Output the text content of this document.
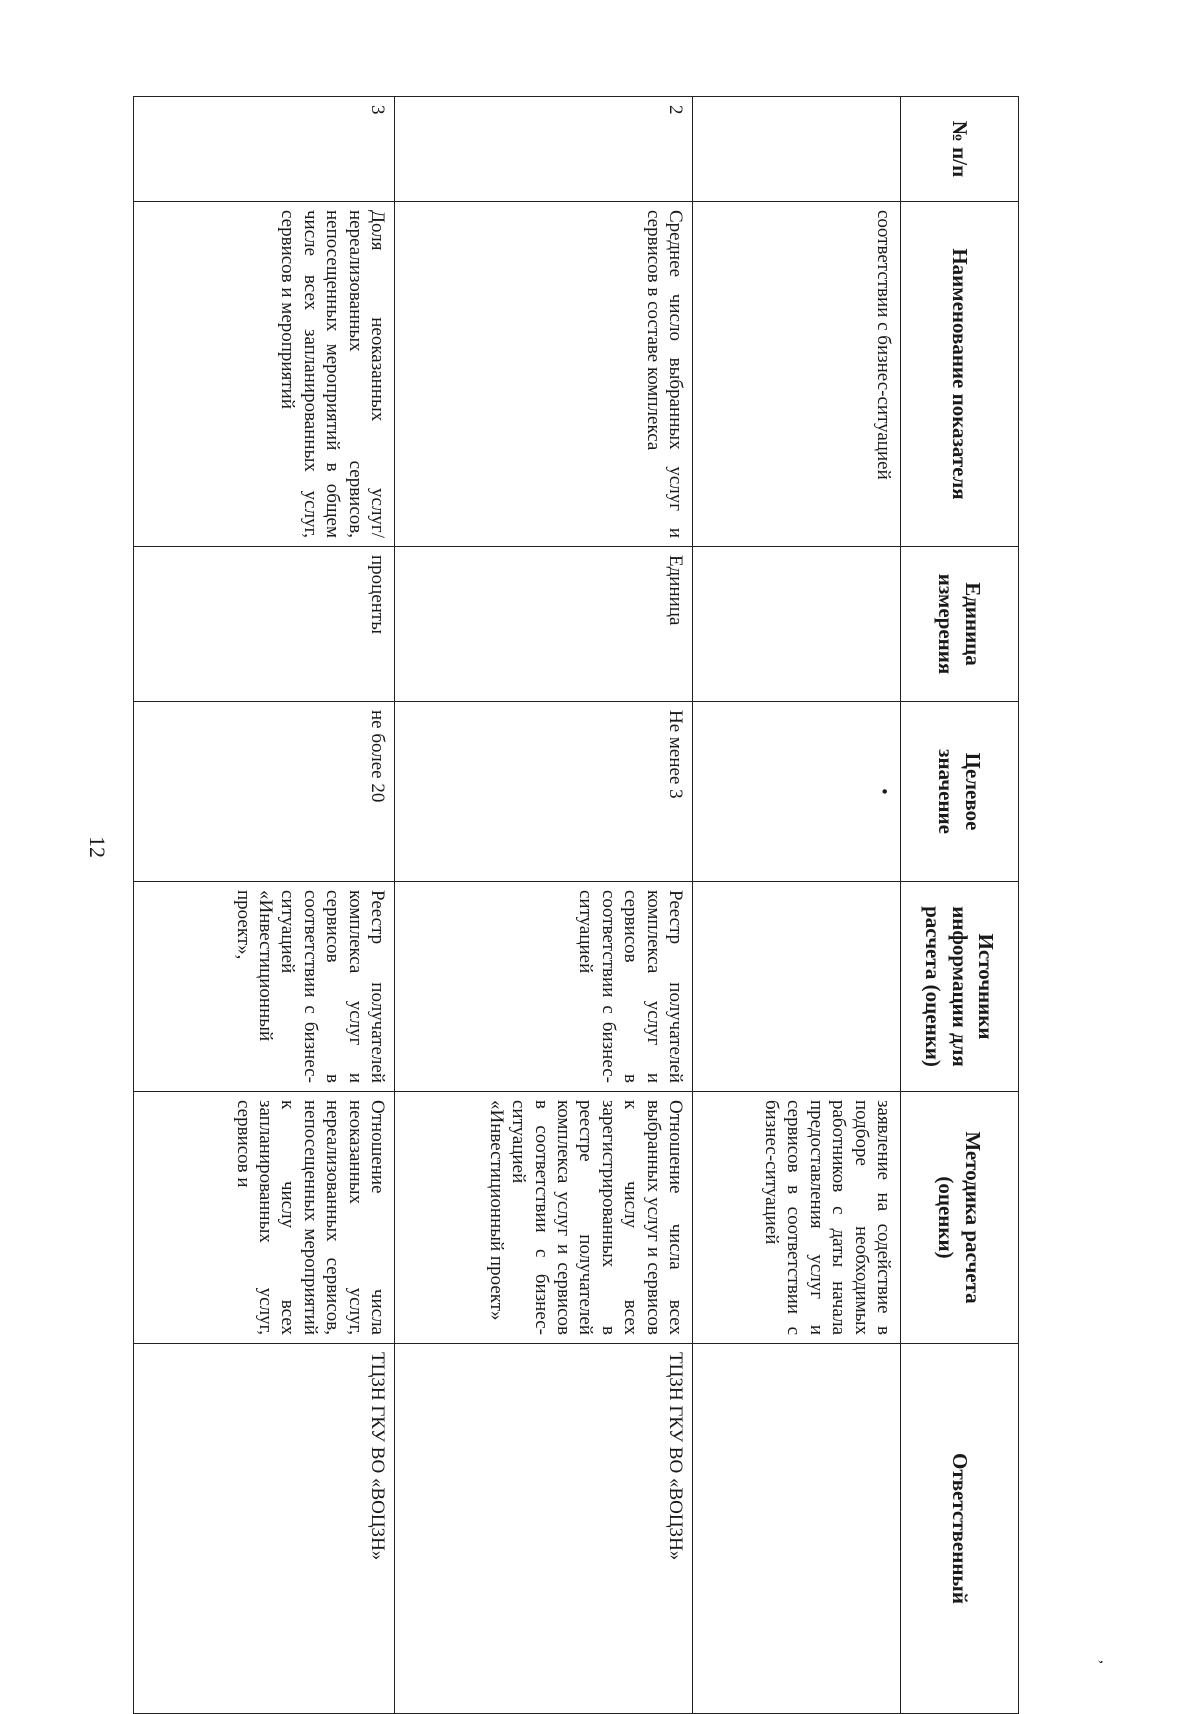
12
№ п/п	Наименование показателя	Единица измерения	Целевое значение	Источники информации для расчета (оценки)	Методика расчета (оценки)	Ответственный
	соответствии с бизнес-ситуацией		•		заявление на содействие в подборе необходимых работников с даты начала предоставления услуг и сервисов в соответствии с бизнес-ситуацией	
2	Среднее число выбранных услуг и сервисов в составе комплекса	Единица	Не менее 3	Реестр получателей комплекса услуг и сервисов в соответствии с бизнес-ситуацией	Отношение числа всех выбранных услуг и сервисов к числу всех зарегистрированных в реестре получателей комплекса услуг и сервисов в соответствии с бизнес-ситуацией «Инвестиционный проект»	ТЦЗН ГКУ ВО «ВОЦЗН»
3	Доля неоказанных услуг/нереализованных сервисов, непосещенных мероприятий в общем числе всех запланированных услуг, сервисов и мероприятий	проценты	не более 20	Реестр получателей комплекса услуг и сервисов в соответствии с бизнес-ситуацией «Инвестиционный проект»,	Отношение числа неоказанных услуг, нереализованных сервисов, непосещенных мероприятий к числу всех запланированных услуг, сервисов и	ТЦЗН ГКУ ВО «ВОЦЗН»
,
